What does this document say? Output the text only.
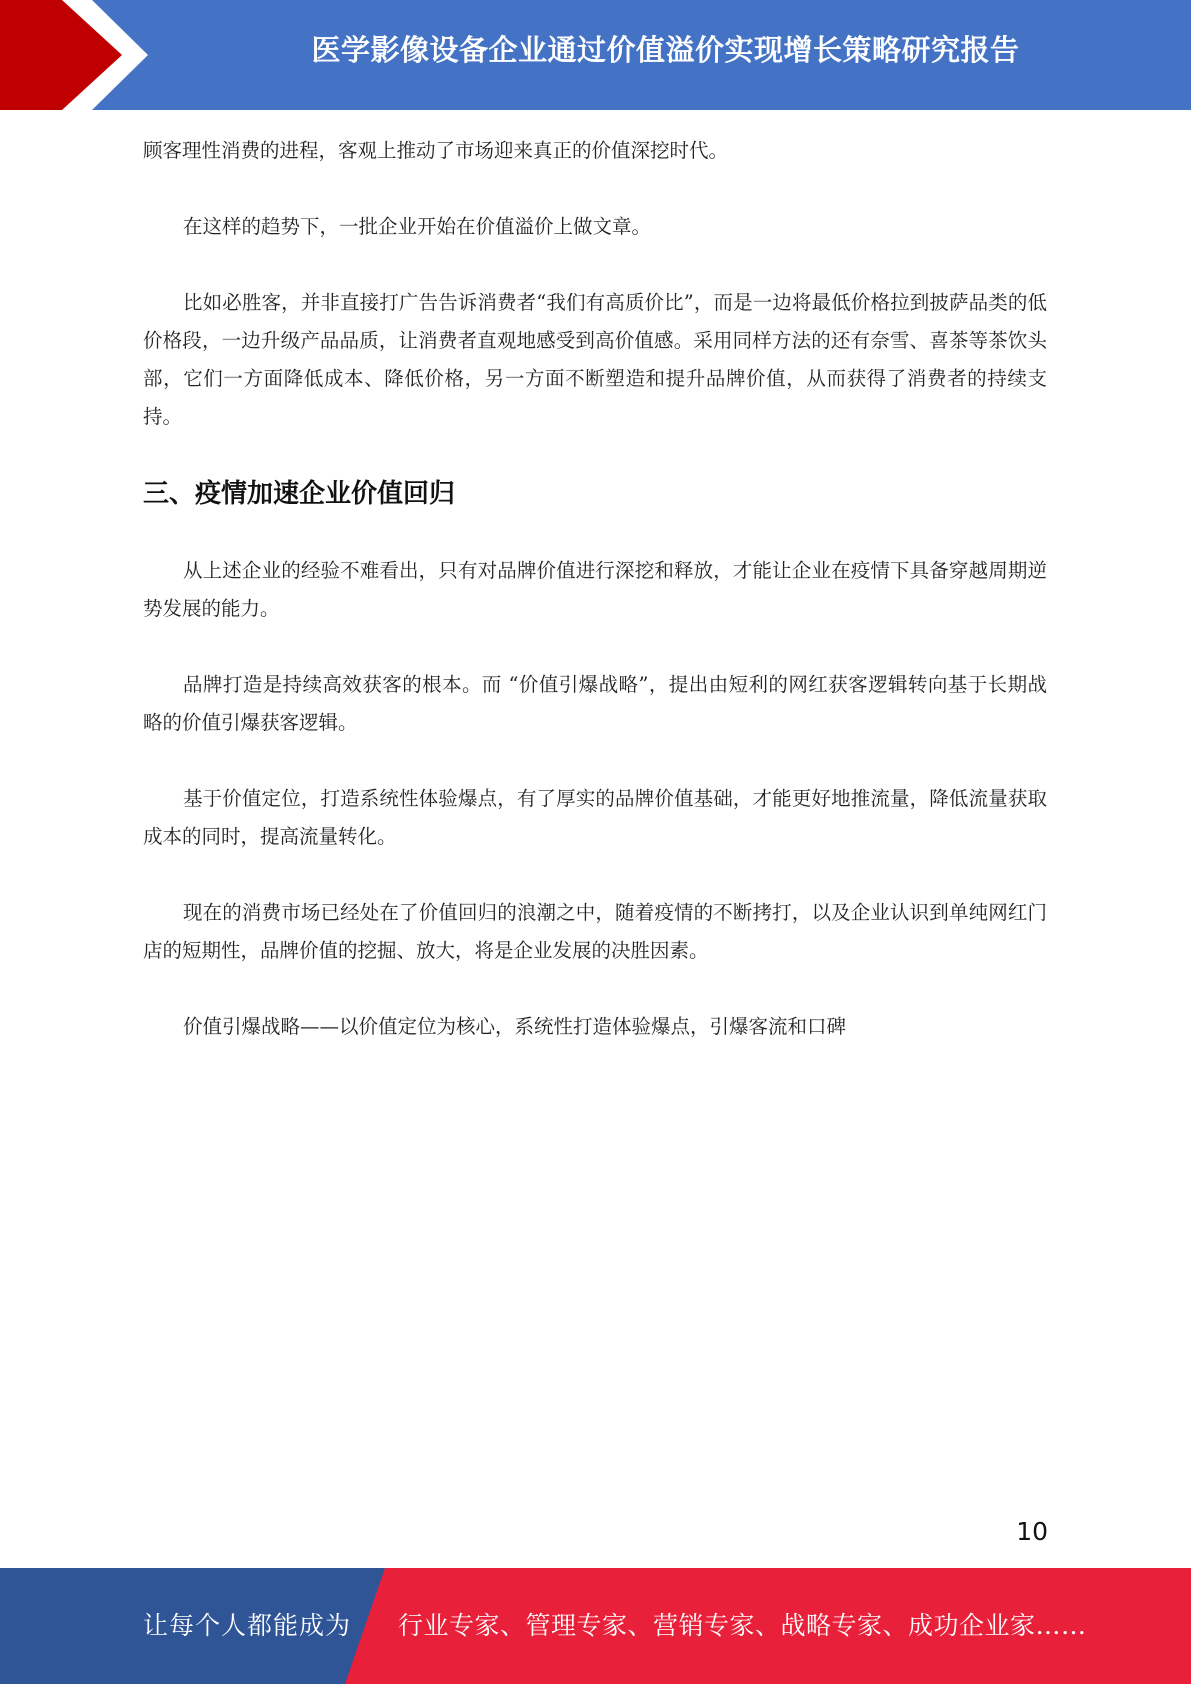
医学影像设备企业通过价值溢价实现增长策略研究报告

顾客理性消费的进程，客观上推动了市场迎来真正的价值深挖时代。

在这样的趋势下，一批企业开始在价值溢价上做文章。

比如必胜客，并非直接打广告告诉消费者“我们有高质价比”，而是一边将最低价格拉到披萨品类的低价格段，一边升级产品品质，让消费者直观地感受到高价值感。采用同样方法的还有奈雪、喜茶等茶饮头部，它们一方面降低成本、降低价格，另一方面不断塑造和提升品牌价值，从而获得了消费者的持续支持。

三、疫情加速企业价值回归

从上述企业的经验不难看出，只有对品牌价值进行深挖和释放，才能让企业在疫情下具备穿越周期逆势发展的能力。

品牌打造是持续高效获客的根本。而 “价值引爆战略”，提出由短利的网红获客逻辑转向基于长期战略的价值引爆获客逻辑。

基于价值定位，打造系统性体验爆点，有了厚实的品牌价值基础，才能更好地推流量，降低流量获取成本的同时，提高流量转化。

现在的消费市场已经处在了价值回归的浪潮之中，随着疫情的不断拷打，以及企业认识到单纯网红门店的短期性，品牌价值的挖掘、放大，将是企业发展的决胜因素。

价值引爆战略——以价值定位为核心，系统性打造体验爆点，引爆客流和口碑

10
让每个人都能成为 行业专家、管理专家、营销专家、战略专家、成功企业家……
